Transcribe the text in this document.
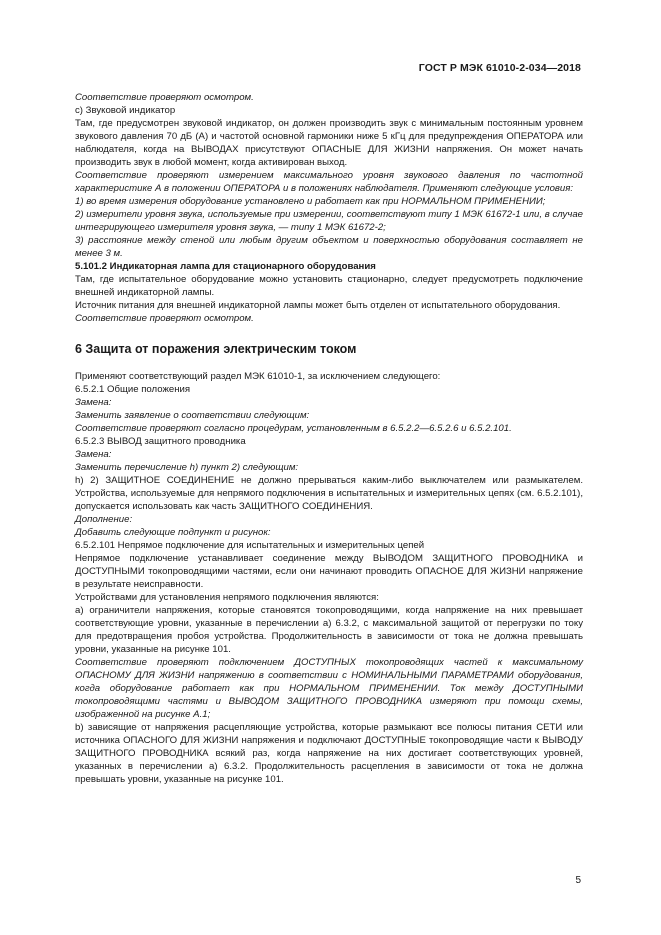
ГОСТ Р МЭК 61010-2-034—2018

Соответствие проверяют осмотром.

c) Звуковой индикатор

Там, где предусмотрен звуковой индикатор, он должен производить звук с минимальным постоянным уровнем звукового давления 70 дБ (A) и частотой основной гармоники ниже 5 кГц для предупреждения ОПЕРАТОРА или наблюдателя, когда на ВЫВОДАХ присутствуют ОПАСНЫЕ ДЛЯ ЖИЗНИ напряжения. Он может начать производить звук в любой момент, когда активирован выход.

Соответствие проверяют измерением максимального уровня звукового давления по частотной характеристике А в положении ОПЕРАТОРА и в положениях наблюдателя. Применяют следующие условия:

1) во время измерения оборудование установлено и работает как при НОРМАЛЬНОМ ПРИМЕНЕНИИ;

2) измерители уровня звука, используемые при измерении, соответствуют типу 1 МЭК 61672-1 или, в случае интегрирующего измерителя уровня звука, — типу 1 МЭК 61672-2;

3) расстояние между стеной или любым другим объектом и поверхностью оборудования составляет не менее 3 м.

5.101.2 Индикаторная лампа для стационарного оборудования

Там, где испытательное оборудование можно установить стационарно, следует предусмотреть подключение внешней индикаторной лампы.

Источник питания для внешней индикаторной лампы может быть отделен от испытательного оборудования.

Соответствие проверяют осмотром.

6 Защита от поражения электрическим током

Применяют соответствующий раздел МЭК 61010-1, за исключением следующего:

6.5.2.1 Общие положения

Замена:

Заменить заявление о соответствии следующим:

Соответствие проверяют согласно процедурам, установленным в 6.5.2.2—6.5.2.6 и 6.5.2.101.

6.5.2.3 ВЫВОД защитного проводника

Замена:

Заменить перечисление h) пункт 2) следующим:

h) 2) ЗАЩИТНОЕ СОЕДИНЕНИЕ не должно прерываться каким-либо выключателем или размыкателем. Устройства, используемые для непрямого подключения в испытательных и измерительных цепях (см. 6.5.2.101), допускается использовать как часть ЗАЩИТНОГО СОЕДИНЕНИЯ.

Дополнение:

Добавить следующие подпункт и рисунок:

6.5.2.101 Непрямое подключение для испытательных и измерительных цепей

Непрямое подключение устанавливает соединение между ВЫВОДОМ ЗАЩИТНОГО ПРОВОДНИКА и ДОСТУПНЫМИ токопроводящими частями, если они начинают проводить ОПАСНОЕ ДЛЯ ЖИЗНИ напряжение в результате неисправности.

Устройствами для установления непрямого подключения являются:

a) ограничители напряжения, которые становятся токопроводящими, когда напряжение на них превышает соответствующие уровни, указанные в перечислении a) 6.3.2, с максимальной защитой от перегрузки по току для предотвращения пробоя устройства. Продолжительность в зависимости от тока не должна превышать уровни, указанные на рисунке 101.

Соответствие проверяют подключением ДОСТУПНЫХ токопроводящих частей к максимальному ОПАСНОМУ ДЛЯ ЖИЗНИ напряжению в соответствии с НОМИНАЛЬНЫМИ ПАРАМЕТРАМИ оборудования, когда оборудование работает как при НОРМАЛЬНОМ ПРИМЕНЕНИИ. Ток между ДОСТУПНЫМИ токопроводящими частями и ВЫВОДОМ ЗАЩИТНОГО ПРОВОДНИКА измеряют при помощи схемы, изображенной на рисунке A.1;

b) зависящие от напряжения расцепляющие устройства, которые размыкают все полюсы питания СЕТИ или источника ОПАСНОГО ДЛЯ ЖИЗНИ напряжения и подключают ДОСТУПНЫЕ токопроводящие части к ВЫВОДУ ЗАЩИТНОГО ПРОВОДНИКА всякий раз, когда напряжение на них достигает соответствующих уровней, указанных в перечислении a) 6.3.2. Продолжительность расцепления в зависимости от тока не должна превышать уровни, указанные на рисунке 101.

5
